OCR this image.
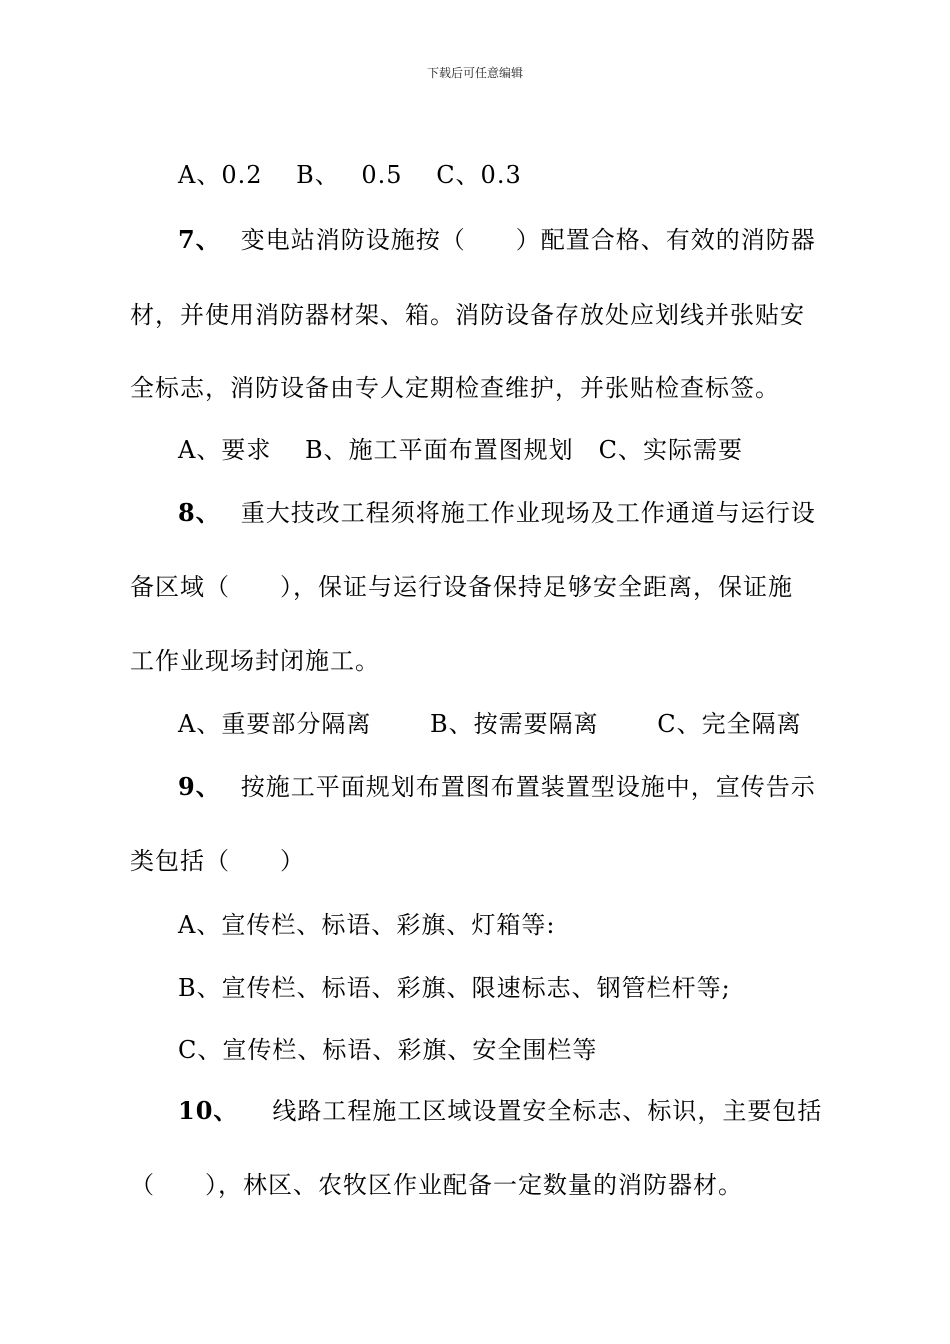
下载后可任意编辑
A、0.2　 B、　 0.5　 C、0.3
7、 变电站消防设施按（　　）配置合格、有效的消防器
材，并使用消防器材架、箱。消防设备存放处应划线并张贴安
全标志，消防设备由专人定期检查维护，并张贴检查标签。
A、要求　 B、施工平面布置图规划　C、实际需要
8、 重大技改工程须将施工作业现场及工作通道与运行设
备区域（　　），保证与运行设备保持足够安全距离，保证施
工作业现场封闭施工。
A、重要部分隔离　　 B、按需要隔离　　 C、完全隔离
9、 按施工平面规划布置图布置装置型设施中，宣传告示
类包括（　　）
A、宣传栏、标语、彩旗、灯箱等:
B、宣传栏、标语、彩旗、限速标志、钢管栏杆等;
C、宣传栏、标语、彩旗、安全围栏等
10、 线路工程施工区域设置安全标志、标识，主要包括
（　　），林区、农牧区作业配备一定数量的消防器材。
